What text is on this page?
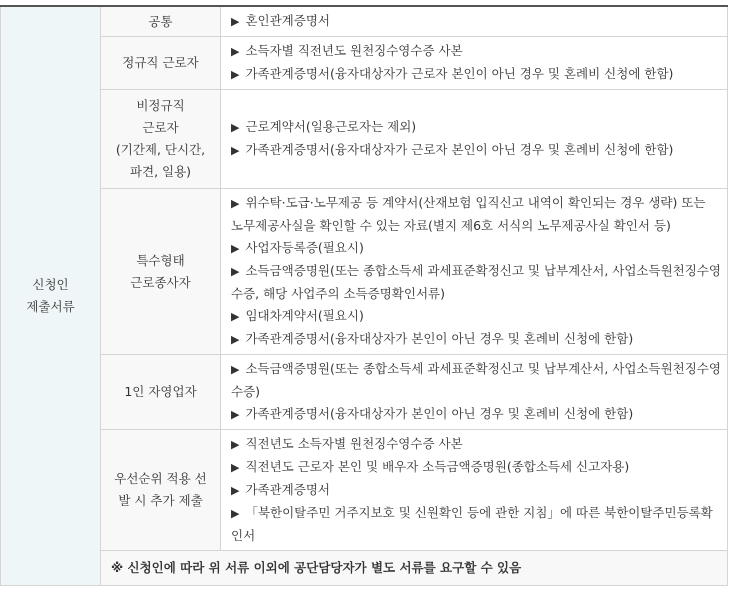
신청인
제출서류	공통	▶ 혼인관계증명서

	정규직 근로자	▶ 소득자별 직전년도 원천징수영수증 사본
▶ 가족관계증명서(융자대상자가 근로자 본인이 아닌 경우 및 혼례비 신청에 한함)

	비정규직
근로자
(기간제, 단시간,
파견, 일용)	▶ 근로계약서(일용근로자는 제외)
▶ 가족관계증명서(융자대상자가 근로자 본인이 아닌 경우 및 혼례비 신청에 한함)

	특수형태
근로종사자	▶ 위수탁·도급·노무제공 등 계약서(산재보험 입직신고 내역이 확인되는 경우 생략) 또는 노무제공사실을 확인할 수 있는 자료(별지 제6호 서식의 노무제공사실 확인서 등)
▶ 사업자등록증(필요시)
▶ 소득금액증명원(또는 종합소득세 과세표준확정신고 및 납부계산서, 사업소득원천징수영수증, 해당 사업주의 소득증명확인서류)
▶ 임대차계약서(필요시)
▶ 가족관계증명서(융자대상자가 본인이 아닌 경우 및 혼례비 신청에 한함)

	1인 자영업자	▶ 소득금액증명원(또는 종합소득세 과세표준확정신고 및 납부계산서, 사업소득원천징수영수증)
▶ 가족관계증명서(융자대상자가 본인이 아닌 경우 및 혼례비 신청에 한함)

	우선순위 적용 선
발 시 추가 제출	▶ 직전년도 소득자별 원천징수영수증 사본
▶ 직전년도 근로자 본인 및 배우자 소득금액증명원(종합소득세 신고자용)
▶ 가족관계증명서
▶ 「북한이탈주민 거주지보호 및 신원확인 등에 관한 지침」에 따른 북한이탈주민등록확인서

	※ 신청인에 따라 위 서류 이외에 공단담당자가 별도 서류를 요구할 수 있음	
